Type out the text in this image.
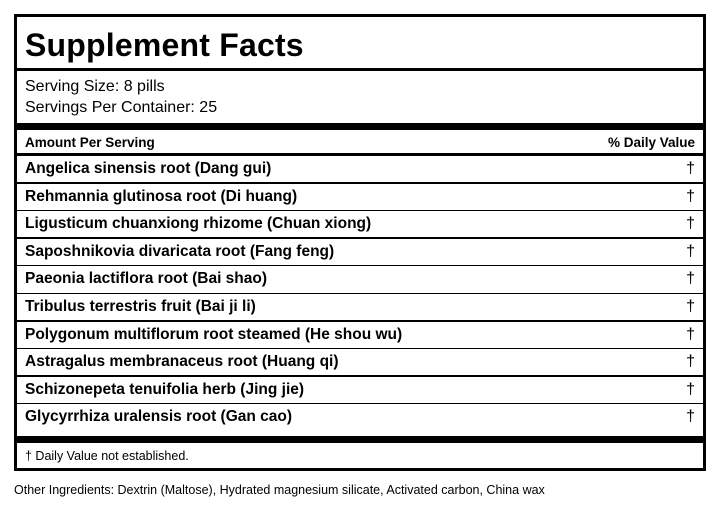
Supplement Facts
Serving Size: 8 pills
Servings Per Container: 25
Amount Per Serving	% Daily Value
Angelica sinensis root (Dang gui)	†
Rehmannia glutinosa root (Di huang)	†
Ligusticum chuanxiong rhizome (Chuan xiong)	†
Saposhnikovia divaricata root (Fang feng)	†
Paeonia lactiflora root (Bai shao)	†
Tribulus terrestris fruit (Bai ji li)	†
Polygonum multiflorum root steamed (He shou wu)	†
Astragalus membranaceus root (Huang qi)	†
Schizonepeta tenuifolia herb (Jing jie)	†
Glycyrrhiza uralensis root (Gan cao)	†
† Daily Value not established.
Other Ingredients: Dextrin (Maltose), Hydrated magnesium silicate, Activated carbon, China wax
